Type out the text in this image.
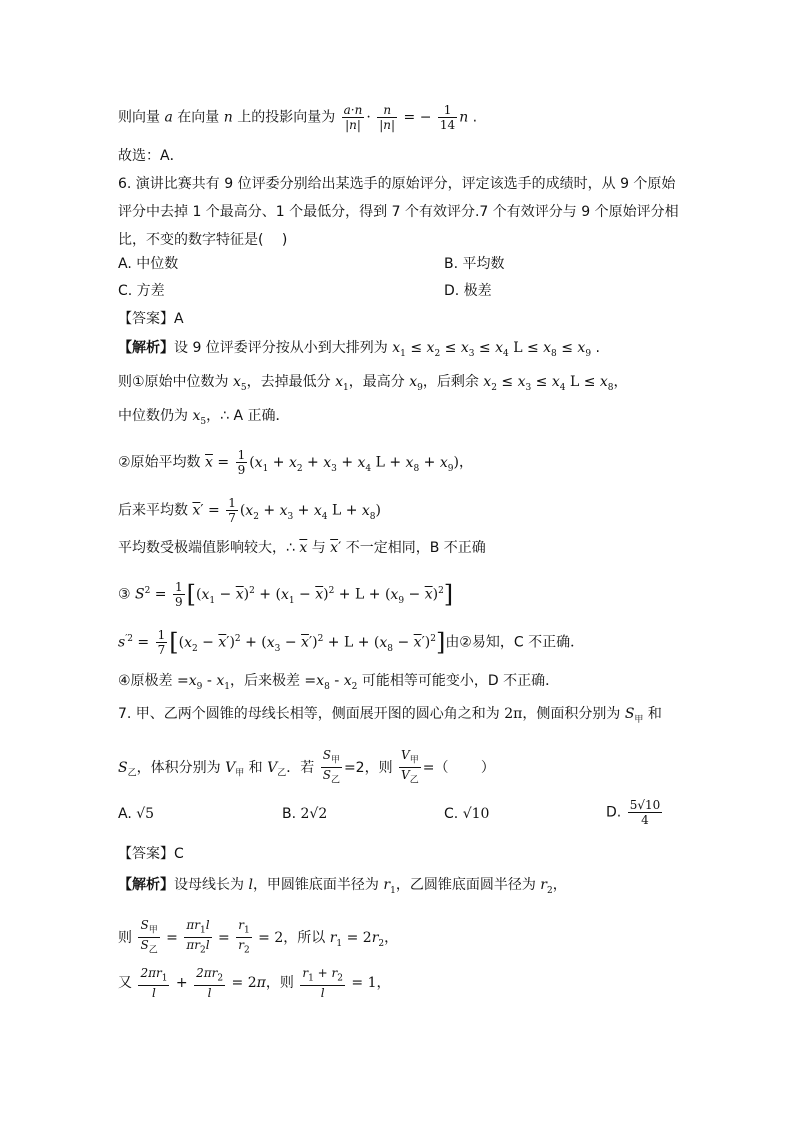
则向量 a 在向量 n 上的投影向量为 $\frac{a\cdot n}{|n|} \cdot \frac{n}{|n|}$ = − $\frac{1}{14}$ n .
故选：A．
6. 演讲比赛共有 9 位评委分别给出某选手的原始评分，评定该选手的成绩时，从 9 个原始
评分中去掉 1 个最高分、1 个最低分，得到 7 个有效评分.7 个有效评分与 9 个原始评分相
比，不变的数字特征是(　 )
A. 中位数	B. 平均数
C. 方差	D. 极差
【答案】A
【解析】设 9 位评委评分按从小到大排列为 $x_1 \le x_2 \le x_3 \le x_4$ $L \le x_8 \le x_9$ .
则①原始中位数为 $x_5$，去掉最低分 $x_1$，最高分 $x_9$，后剩余 $x_2 \le x_3 \le x_4$ $L \le x_8$，
中位数仍为 $x_5$，∴ A 正确．
②原始平均数 $\overline{x} = \frac{1}{9} (x_1 + x_2 + x_3 + x_4$ $L + x_8 + x_9$)，
后来平均数 $\overline{x}' = \frac{1}{7} (x_2 + x_3 + x_4$ $L + x_8$)
平均数受极端值影响较大，∴ $\overline{x}$ 与 $\overline{x}'$ 不一定相同，B 不正确
③ $S^2 = \frac{1}{9} [(x_1 - \overline{x})^2 + (x_1 - \overline{x})^2 + L + (x_9 - \overline{x})^2]$
$s^{'2} = \frac{1}{7} [(x_2 - \overline{x}')^2 + (x_3 - \overline{x}')^2 + L + (x_8 - \overline{x}')^2]$由②易知，C 不正确．
④原极差 $=x_9 - x_1$，后来极差 $=x_8 - x_2$ 可能相等可能变小，D 不正确．
7. 甲、乙两个圆锥的母线长相等，侧面展开图的圆心角之和为 2π，侧面积分别为 $S_甲$ 和
$S_乙$，体积分别为 $V_甲$ 和 $V_乙$．若 $\frac{S_甲}{S_乙} =2$，则 $\frac{V_甲}{V_乙}$ =（　 　）
A. √5	B. 2√2	C. √10	D. $\frac{5√10}{4}$
【答案】C
【解析】设母线长为 l，甲圆锥底面半径为 $r_1$，乙圆锥底面圆半径为 $r_2$，
则 $\frac{S_甲}{S_乙} = \frac{\pi r_1l}{\pi r_2l} = \frac{r_1}{r_2} = 2$，所以 $r_1 = 2r_2$，
又 $\frac{2\pi r_1}{l} + \frac{2\pi r_2}{l} = 2\pi$，则 $\frac{r_1 + r_2}{l} = 1$，
